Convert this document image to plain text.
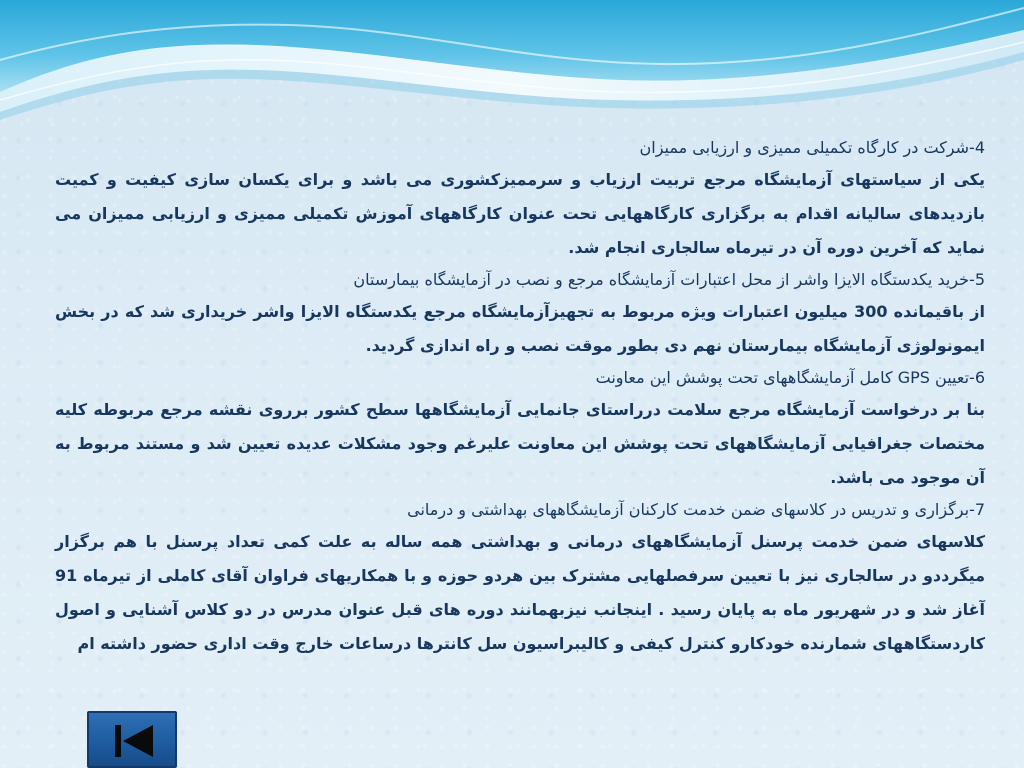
4-شرکت در کارگاه تکمیلی ممیزی و ارزیابی ممیزان

یکی از سیاستهای آزمایشگاه مرجع تربیت ارزیاب و سرممیزکشوری می باشد و برای یکسان سازی کیفیت و کمیت بازدیدهای سالیانه اقدام به برگزاری کارگاههایی تحت عنوان کارگاههای آموزش تکمیلی ممیزی و ارزیابی ممیزان می نماید که آخرین دوره آن در تیرماه سالجاری انجام شد.

5-خرید یکدستگاه الایزا واشر از محل اعتبارات آزمایشگاه مرجع و نصب در آزمایشگاه بیمارستان

از باقیمانده 300 میلیون اعتبارات ویژه مربوط به تجهیزآزمایشگاه مرجع یکدستگاه الایزا واشر خریداری شد که در بخش ایمونولوژی آزمایشگاه بیمارستان نهم دی بطور موقت نصب و راه اندازی گردید.

6-تعیین GPS کامل آزمایشگاههای تحت پوشش این معاونت

بنا بر درخواست آزمایشگاه مرجع سلامت درراستای جانمایی آزمایشگاهها سطح کشور برروی نقشه مرجع مربوطه کلیه مختصات جغرافیایی آزمایشگاههای تحت پوشش این معاونت علیرغم وجود مشکلات عدیده تعیین شد و مستند مربوط به آن موجود می باشد.

7-برگزاری و تدریس در کلاسهای ضمن خدمت کارکنان آزمایشگاههای بهداشتی و درمانی

کلاسهای ضمن خدمت پرسنل آزمایشگاههای درمانی و بهداشتی همه ساله به علت کمی تعداد پرسنل با هم برگزار میگرددو در سالجاری نیز با تعیین سرفصلهایی مشترک بین هردو حوزه و با همکاریهای فراوان آقای کاملی از تیرماه 91 آغاز شد و در شهریور ماه به پایان رسید . اینجانب نیزبهمانند دوره های قبل عنوان مدرس در دو کلاس آشنایی و اصول کاردستگاههای شمارنده خودکارو کنترل کیفی و کالیبراسیون سل کانترها درساعات خارج وقت اداری حضور داشته ام
